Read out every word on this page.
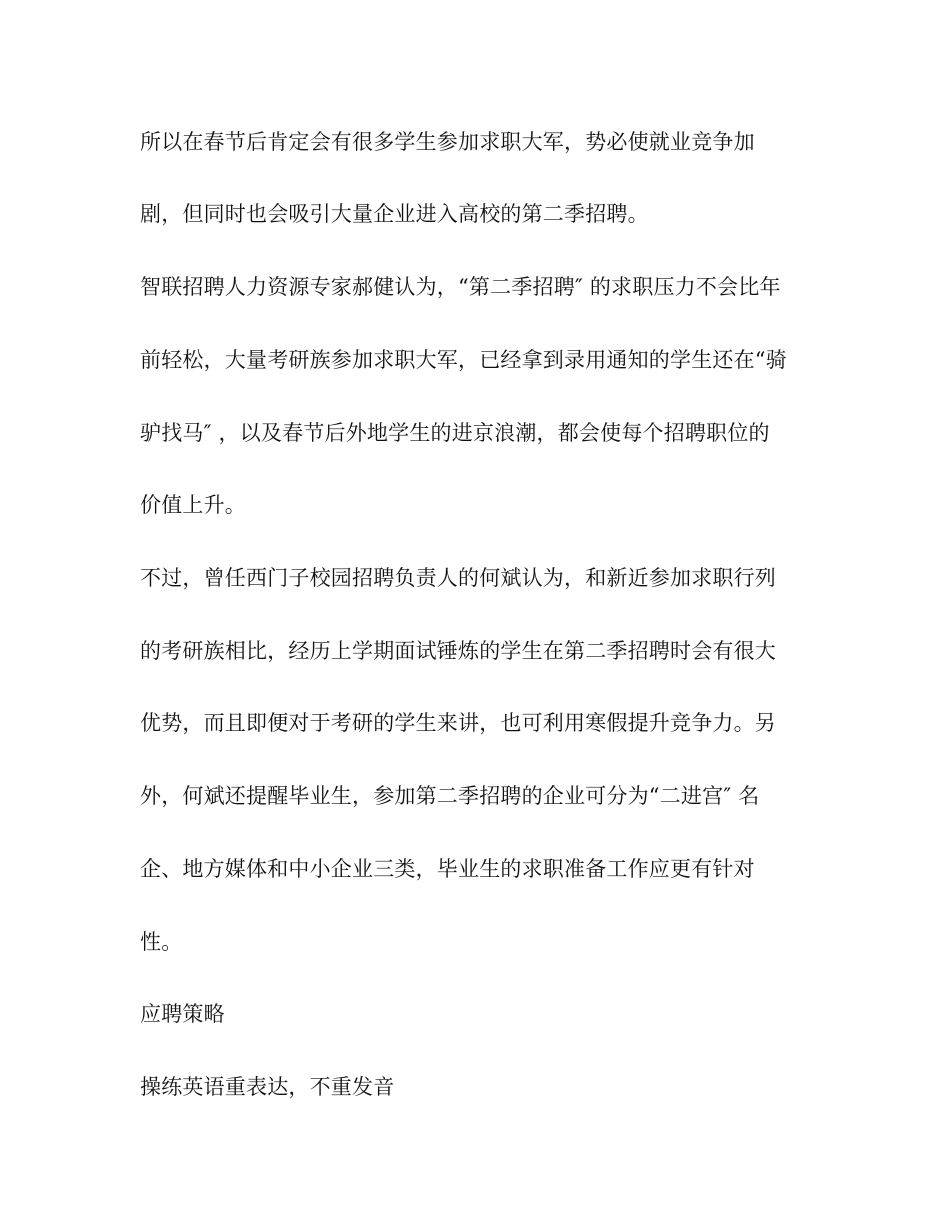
所以在春节后肯定会有很多学生参加求职大军，势必使就业竞争加
剧，但同时也会吸引大量企业进入高校的第二季招聘。
智联招聘人力资源专家郝健认为，“第二季招聘″ 的求职压力不会比年
前轻松，大量考研族参加求职大军，已经拿到录用通知的学生还在“骑
驴找马″ ，以及春节后外地学生的进京浪潮，都会使每个招聘职位的
价值上升。
不过，曾任西门子校园招聘负责人的何斌认为，和新近参加求职行列
的考研族相比，经历上学期面试锤炼的学生在第二季招聘时会有很大
优势，而且即便对于考研的学生来讲，也可利用寒假提升竞争力。另
外，何斌还提醒毕业生，参加第二季招聘的企业可分为“二进宫″ 名
企、地方媒体和中小企业三类，毕业生的求职准备工作应更有针对
性。
应聘策略
操练英语重表达，不重发音
